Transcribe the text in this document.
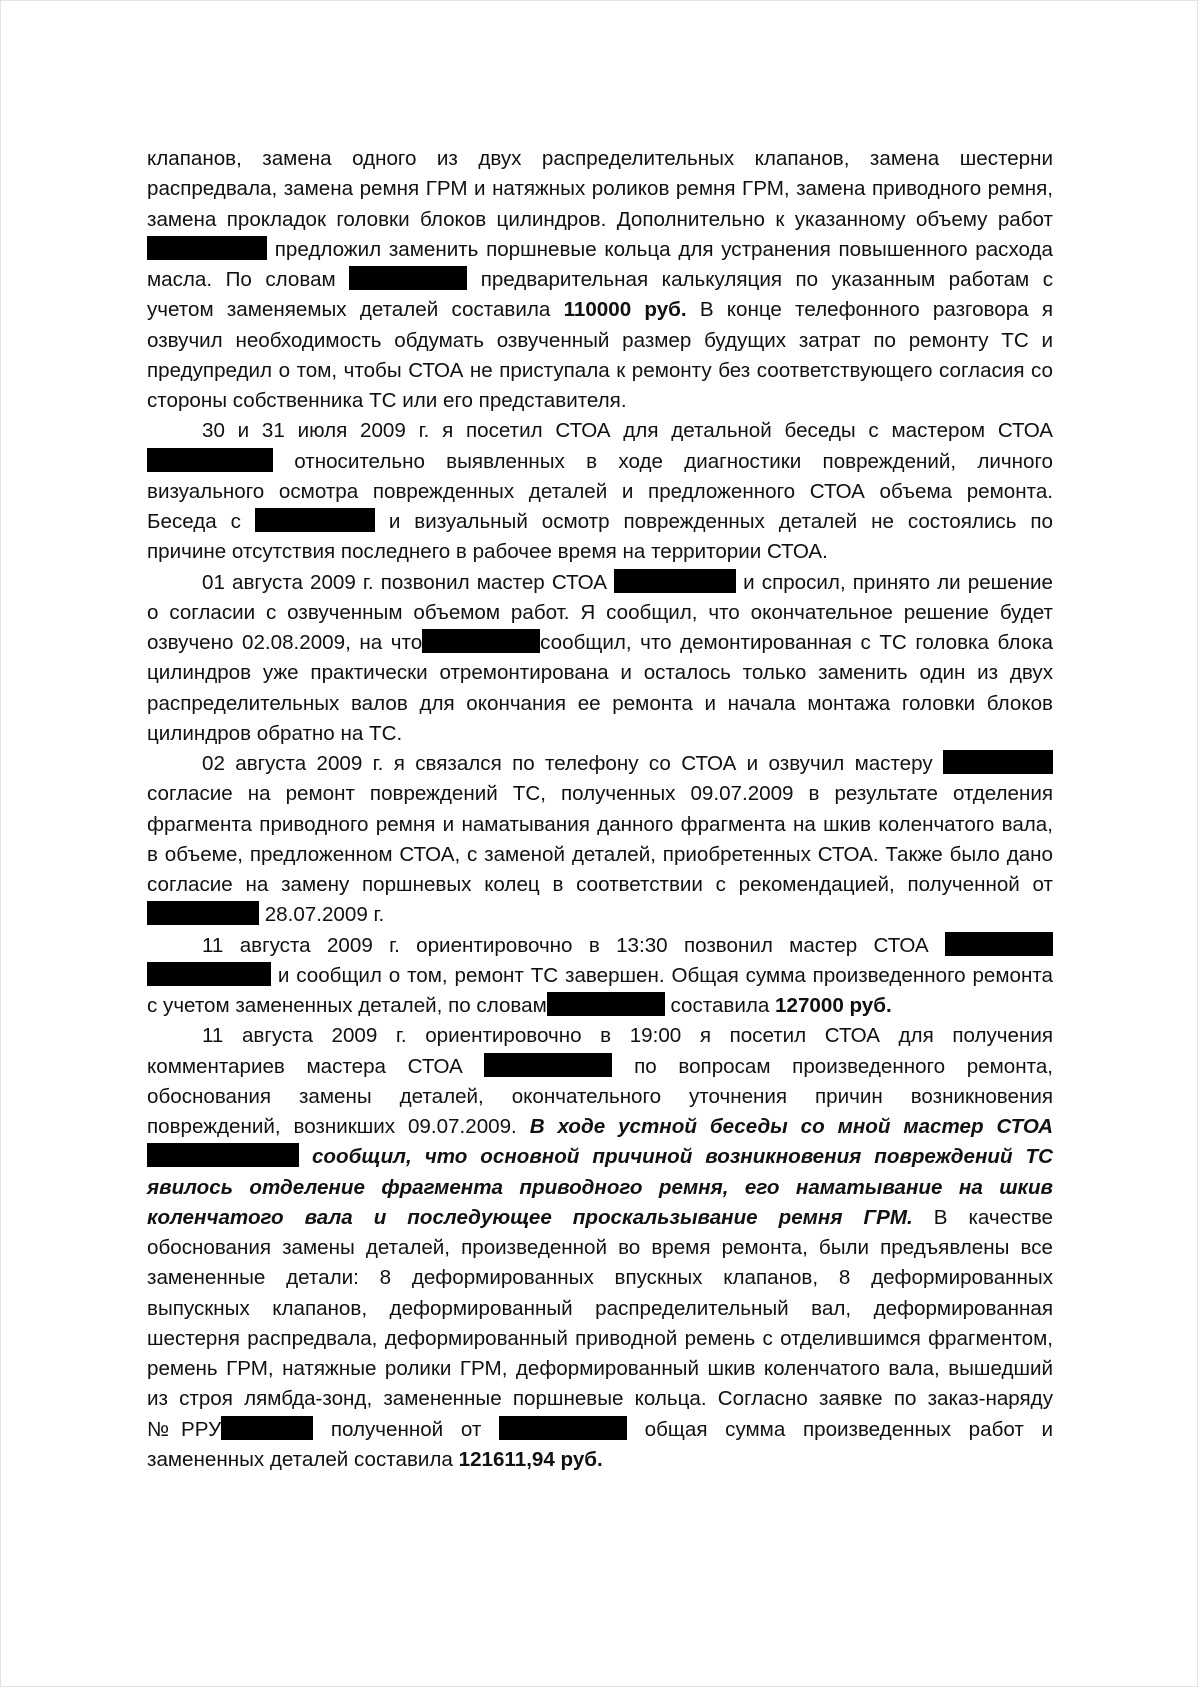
клапанов, замена одного из двух распределительных клапанов, замена шестерни распредвала, замена ремня ГРМ и натяжных роликов ремня ГРМ, замена приводного ремня, замена прокладок головки блоков цилиндров. Дополнительно к указанному объему работ  предложил заменить поршневые кольца для устранения повышенного расхода масла. По словам	предварительная калькуляция по указанным работам с учетом заменяемых деталей составила 110000 руб. В конце телефонного разговора я озвучил необходимость обдумать озвученный размер будущих затрат по ремонту ТС и предупредил о том, чтобы СТОА не приступала к ремонту без соответствующего согласия со стороны собственника ТС или его представителя.

30 и 31 июля 2009 г. я посетил СТОА для детальной беседы с мастером СТОА  относительно выявленных в ходе диагностики повреждений, личного визуального осмотра поврежденных деталей и предложенного СТОА объема ремонта. Беседа с	и визуальный осмотр поврежденных деталей не состоялись по причине отсутствия последнего в рабочее время на территории СТОА.

01 августа 2009 г. позвонил мастер СТОА	и спросил, принято ли решение о согласии с озвученным объемом работ. Я сообщил, что окончательное решение будет озвучено 02.08.2009, на что	сообщил, что демонтированная с ТС головка блока цилиндров уже практически отремонтирована и осталось только заменить один из двух распределительных валов для окончания ее ремонта и начала монтажа головки блоков цилиндров обратно на ТС.

02 августа 2009 г. я связался по телефону со СТОА и озвучил мастеру  согласие на ремонт повреждений ТС, полученных 09.07.2009 в результате отделения фрагмента приводного ремня и наматывания данного фрагмента на шкив коленчатого вала, в объеме, предложенном СТОА, с заменой деталей, приобретенных СТОА. Также было дано согласие на замену поршневых колец в соответствии с рекомендацией, полученной от 28.07.2009 г.

11 августа 2009 г. ориентировочно в 13:30 позвонил мастер СТОА   и сообщил о том, ремонт ТС завершен. Общая сумма произведенного ремонта с учетом замененных деталей, по словам	составила 127000 руб.

11 августа 2009 г. ориентировочно в 19:00 я посетил СТОА для получения комментариев мастера СТОА	по вопросам произведенного ремонта, обоснования замены деталей, окончательного уточнения причин возникновения повреждений, возникших 09.07.2009. В ходе устной беседы со мной мастер СТОА  сообщил, что основной причиной возникновения повреждений ТС явилось отделение фрагмента приводного ремня, его наматывание на шкив коленчатого вала и последующее проскальзывание ремня ГРМ. В качестве обоснования замены деталей, произведенной во время ремонта, были предъявлены все замененные детали: 8 деформированных впускных клапанов, 8 деформированных выпускных клапанов, деформированный распределительный вал, деформированная шестерня распредвала, деформированный приводной ремень с отделившимся фрагментом, ремень ГРМ, натяжные ролики ГРМ, деформированный шкив коленчатого вала, вышедший из строя лямбда-зонд, замененные поршневые кольца. Согласно заявке по заказ-наряду №РРУ	полученной от	общая сумма произведенных работ и замененных деталей составила 121611,94 руб.
